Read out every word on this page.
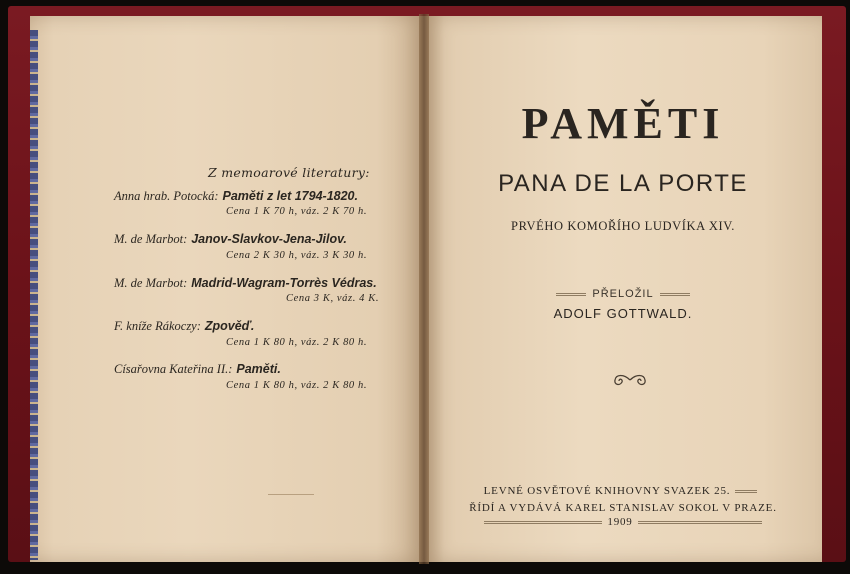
Z memoarové literatury:
Anna hrab. Potocká: Paměti z let 1794-1820.
Cena 1 K 70 h, váz. 2 K 70 h.
M. de Marbot: Janov-Slavkov-Jena-Jilov.
Cena 2 K 30 h, váz. 3 K 30 h.
M. de Marbot: Madrid-Wagram-Torrès Védras.
Cena 3 K, váz. 4 K.
F. kníže Rákoczy: Zpověď.
Cena 1 K 80 h, váz. 2 K 80 h.
Císařovna Kateřina II.: Paměti.
Cena 1 K 80 h, váz. 2 K 80 h.
PAMĚTI
PANA DE LA PORTE
PRVÉHO KOMOŘÍHO LUDVÍKA XIV.
PŘELOŽIL
ADOLF GOTTWALD.
LEVNÉ OSVĚTOVÉ KNIHOVNY SVAZEK 25.
ŘÍDÍ A VYDÁVÁ KAREL STANISLAV SOKOL V PRAZE.
1909
